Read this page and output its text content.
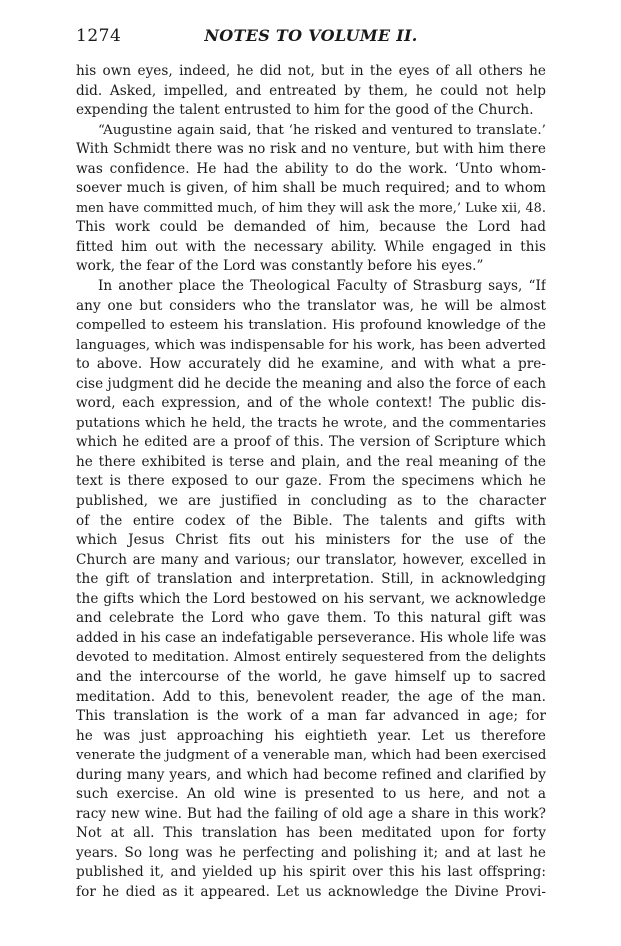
1274	NOTES TO VOLUME II.
his own eyes, indeed, he did not, but in the eyes of all others he
did. Asked, impelled, and entreated by them, he could not help
expending the talent entrusted to him for the good of the Church.
“Augustine again said, that ‘he risked and ventured to translate.’
With Schmidt there was no risk and no venture, but with him there
was confidence. He had the ability to do the work. ‘Unto whom-
soever much is given, of him shall be much required; and to whom
men have committed much, of him they will ask the more,’ Luke xii, 48.
This work could be demanded of him, because the Lord had
fitted him out with the necessary ability. While engaged in this
work, the fear of the Lord was constantly before his eyes.”
In another place the Theological Faculty of Strasburg says, “If
any one but considers who the translator was, he will be almost
compelled to esteem his translation. His profound knowledge of the
languages, which was indispensable for his work, has been adverted
to above. How accurately did he examine, and with what a pre-
cise judgment did he decide the meaning and also the force of each
word, each expression, and of the whole context! The public dis-
putations which he held, the tracts he wrote, and the commentaries
which he edited are a proof of this. The version of Scripture which
he there exhibited is terse and plain, and the real meaning of the
text is there exposed to our gaze. From the specimens which he
published, we are justified in concluding as to the character
of the entire codex of the Bible. The talents and gifts with
which Jesus Christ fits out his ministers for the use of the
Church are many and various; our translator, however, excelled in
the gift of translation and interpretation. Still, in acknowledging
the gifts which the Lord bestowed on his servant, we acknowledge
and celebrate the Lord who gave them. To this natural gift was
added in his case an indefatigable perseverance. His whole life was
devoted to meditation. Almost entirely sequestered from the delights
and the intercourse of the world, he gave himself up to sacred
meditation. Add to this, benevolent reader, the age of the man.
This translation is the work of a man far advanced in age; for
he was just approaching his eightieth year. Let us therefore
venerate the judgment of a venerable man, which had been exercised
during many years, and which had become refined and clarified by
such exercise. An old wine is presented to us here, and not a
racy new wine. But had the failing of old age a share in this work?
Not at all. This translation has been meditated upon for forty
years. So long was he perfecting and polishing it; and at last he
published it, and yielded up his spirit over this his last offspring:
for he died as it appeared. Let us acknowledge the Divine Provi-
